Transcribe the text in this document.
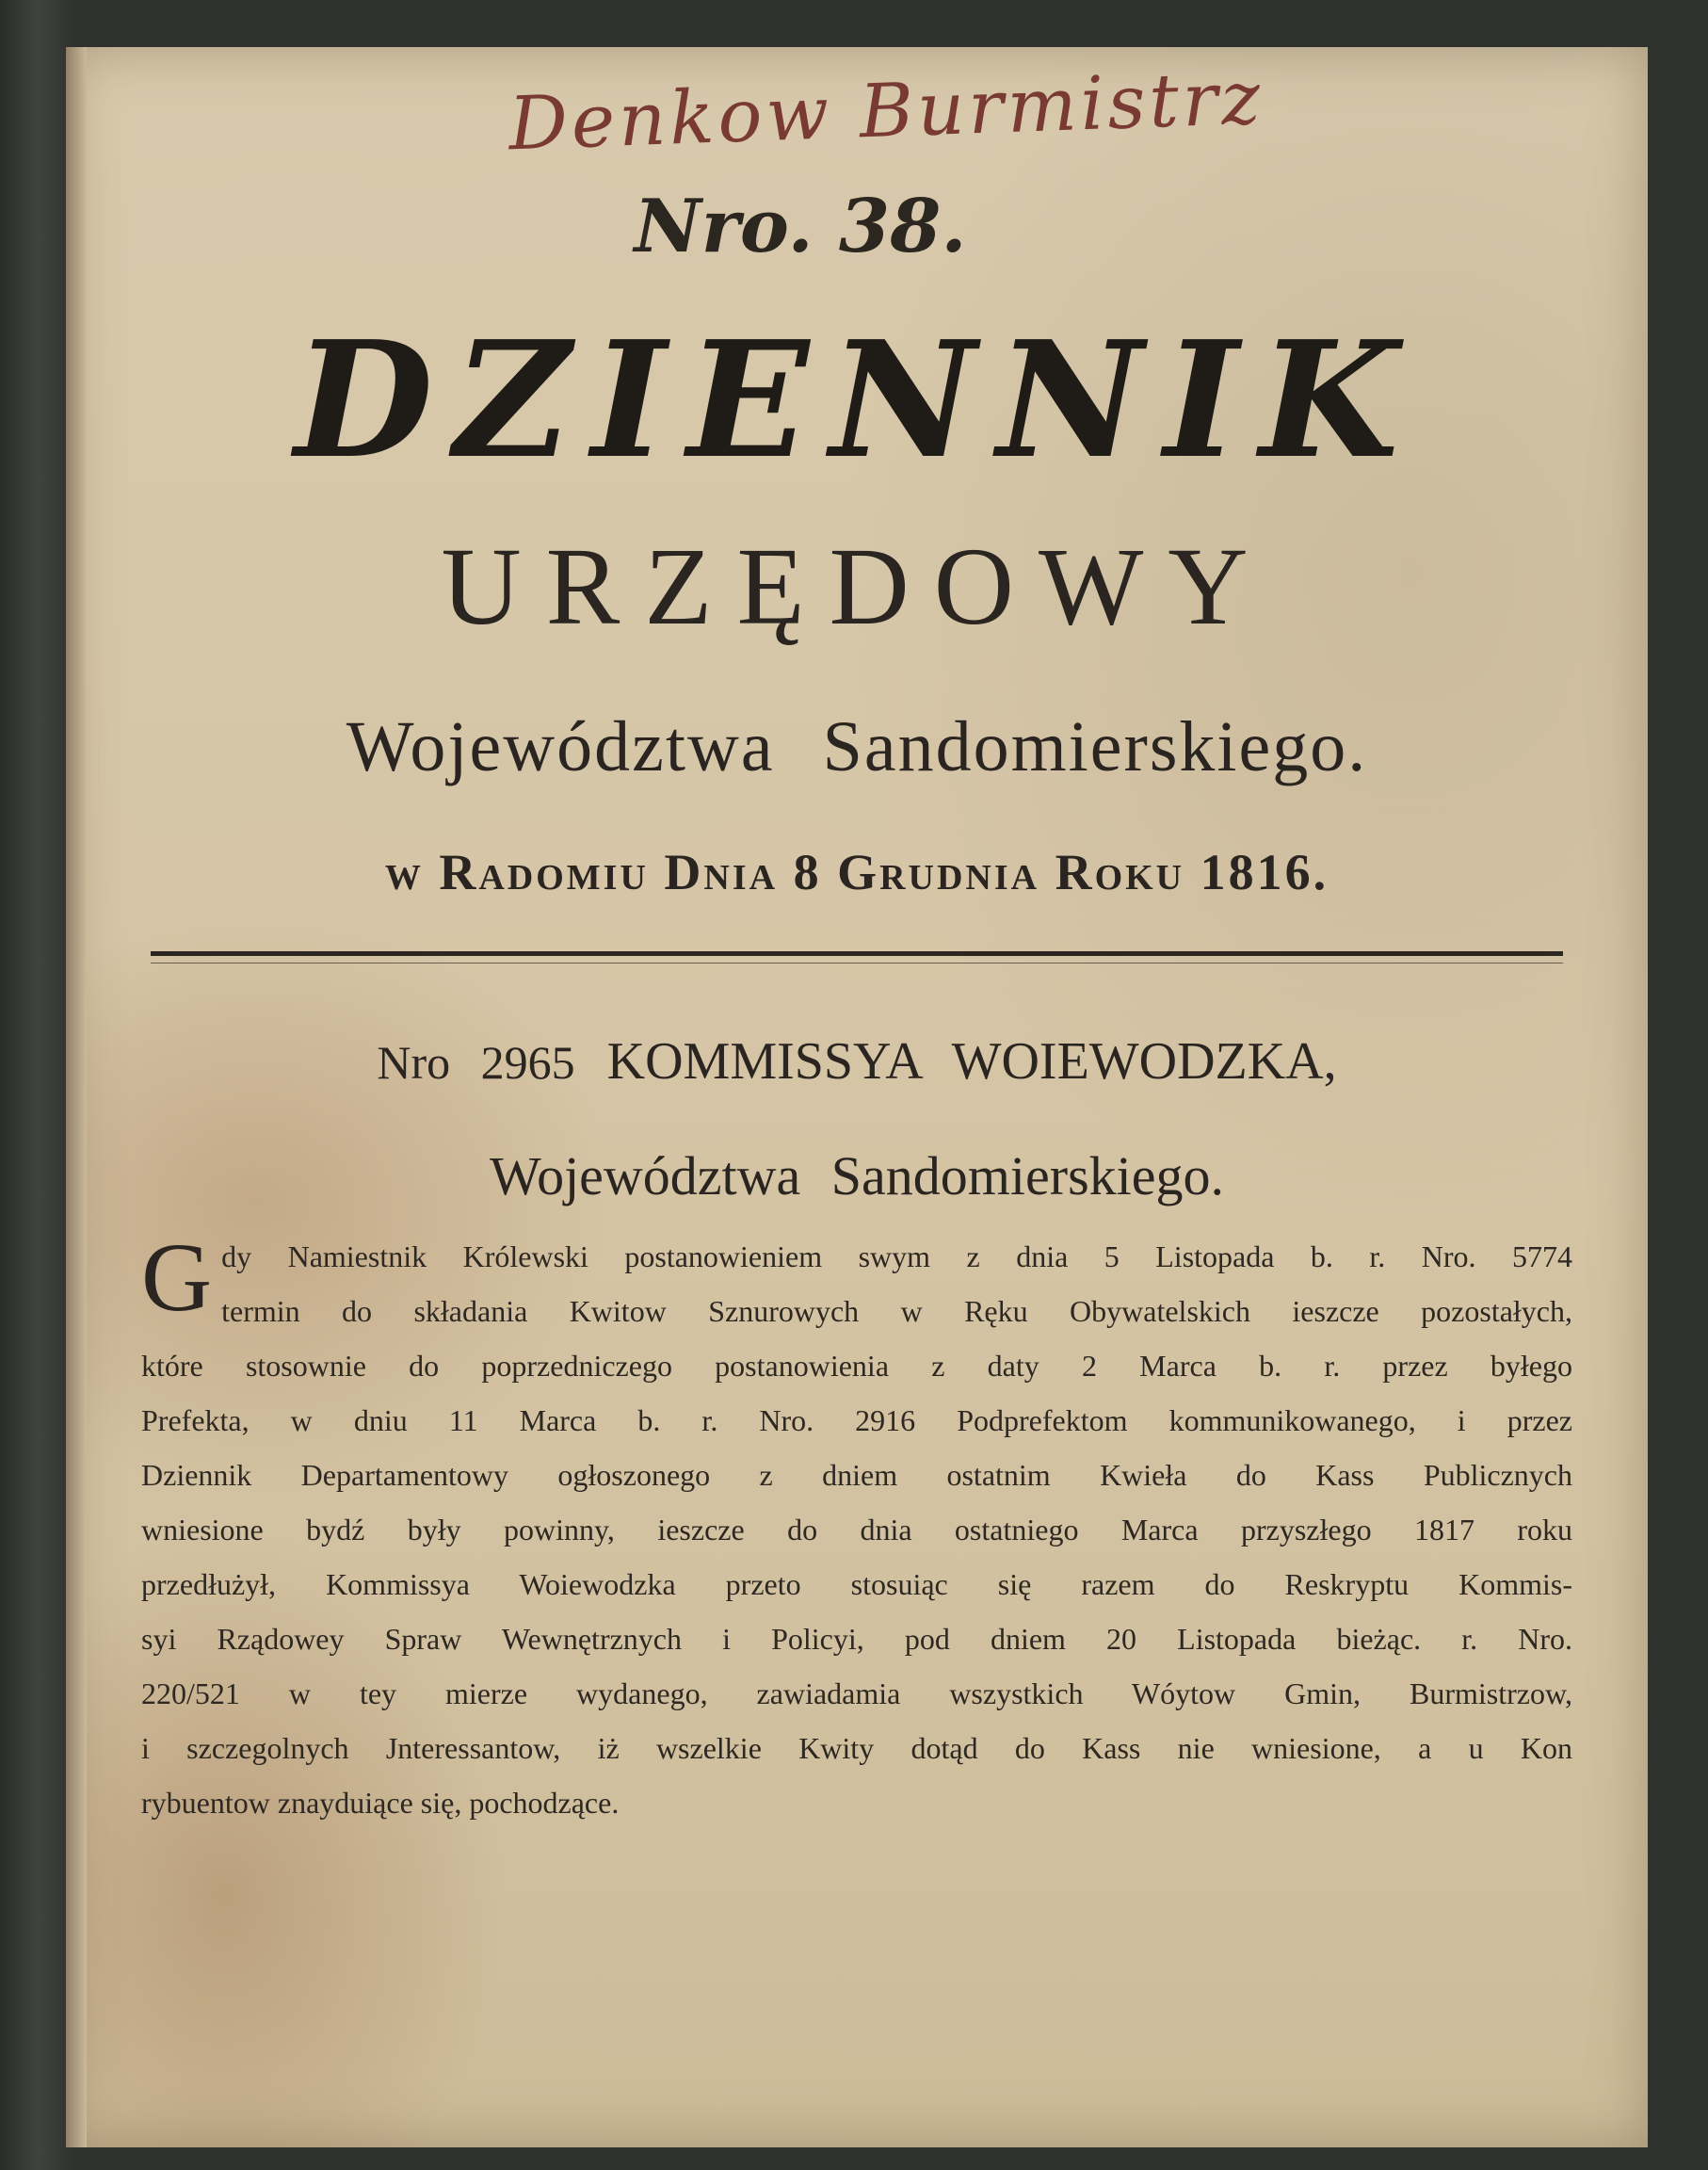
Denkow Burmistrz
Nro. 38.
DZIENNIK
URZĘDOWY
Województwa Sandomierskiego.
w Radomiu Dnia 8 Grudnia Roku 1816.
Nro 2965 KOMMISSYA WOIEWODZKA,
Województwa Sandomierskiego.
G dy Namiestnik Królewski postanowieniem swym z dnia 5 Listopada b. r. Nro. 5774
termin do składania Kwitow Sznurowych w Ręku Obywatelskich ieszcze pozostałych,
które stosownie do poprzedniczego postanowienia z daty 2 Marca b. r. przez byłego
Prefekta, w dniu 11 Marca b. r. Nro. 2916 Podprefektom kommunikowanego, i przez
Dziennik Departamentowy ogłoszonego z dniem ostatnim Kwieła do Kass Publicznych
wniesione bydź były powinny, ieszcze do dnia ostatniego Marca przyszłego 1817 roku
przedłużył, Kommissya Woiewodzka przeto stosuiąc się razem do Reskryptu Kommis-
syi Rządowey Spraw Wewnętrznych i Policyi, pod dniem 20 Listopada bieżąc. r. Nro.
220/521 w tey mierze wydanego, zawiadamia wszystkich Wóytow Gmin, Burmistrzow,
i szczegolnych Jnteressantow, iż wszelkie Kwity dotąd do Kass nie wniesione, a u Kon
rybuentow znayduiące się, pochodzące.
